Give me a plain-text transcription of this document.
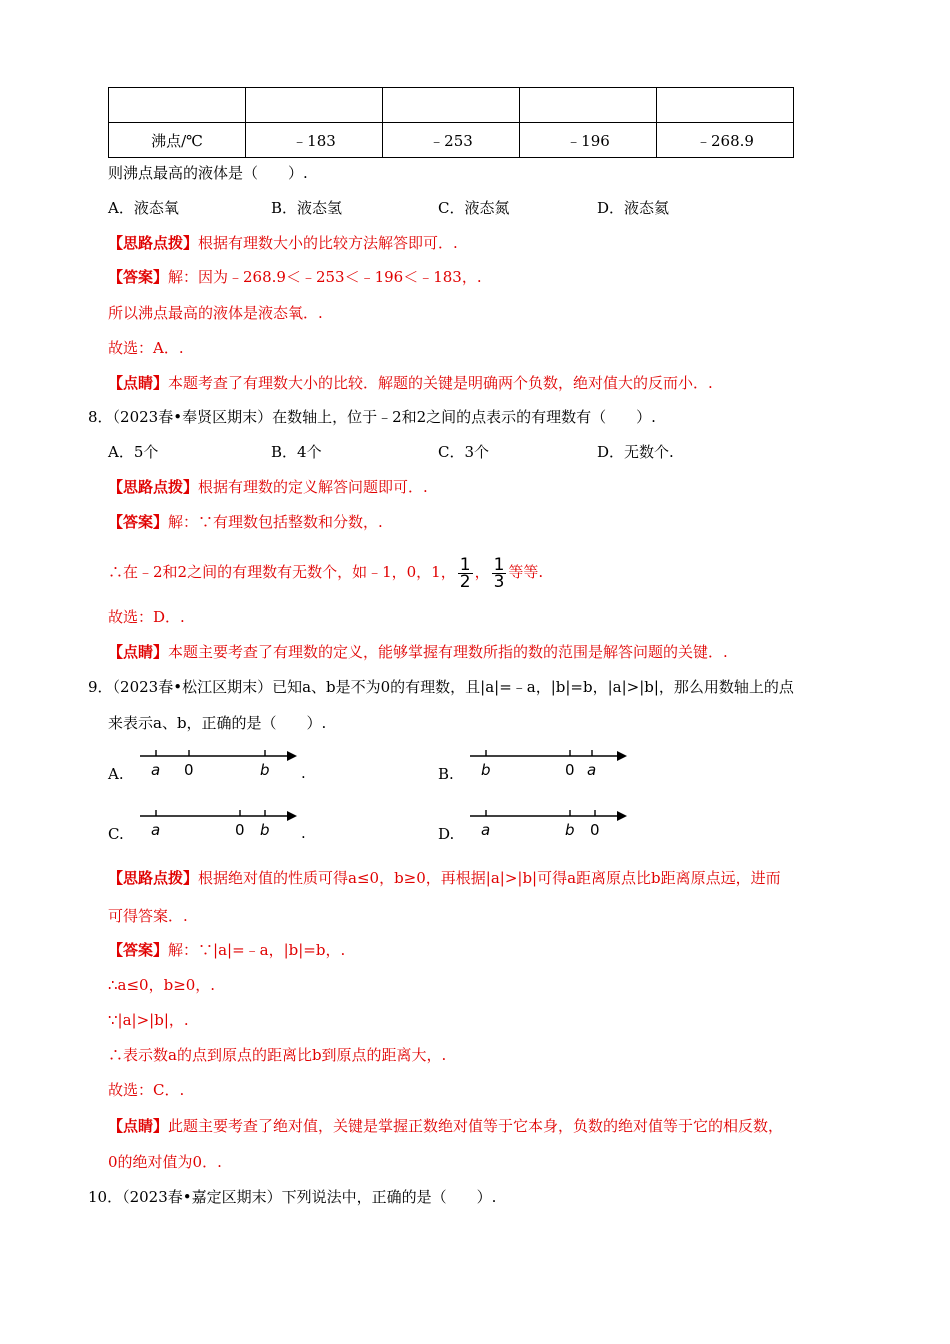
沸点/℃	﹣183	﹣253	﹣196	﹣268.9
则沸点最高的液体是（　　）.
A．液态氧	B．液态氢	C．液态氮	D．液态氦
【思路点拨】根据有理数大小的比较方法解答即可．.
【答案】解：因为﹣268.9＜﹣253＜﹣196＜﹣183，.
所以沸点最高的液体是液态氧．.
故选：A．.
【点睛】本题考查了有理数大小的比较．解题的关键是明确两个负数，绝对值大的反而小．.
8．（2023春•奉贤区期末）在数轴上，位于﹣2和2之间的点表示的有理数有（　　）.
A．5个	B．4个	C．3个	D．无数个.
【思路点拨】根据有理数的定义解答问题即可．.
【答案】解：∵有理数包括整数和分数，.
∴在﹣2和2之间的有理数有无数个，如﹣1，0，1， $\frac{1}{2}$ ， $\frac{1}{3}$ 等等.
故选：D．.
【点睛】本题主要考查了有理数的定义，能够掌握有理数所指的数的范围是解答问题的关键．.
9．（2023春•松江区期末）已知a、b是不为0的有理数，且|a|=﹣a，|b|=b，|a|>|b|，那么用数轴上的点
来表示a、b，正确的是（　　）.
A. a 0	b .	B. b	0 a
C. a	0 b .	D. a	b 0
【思路点拨】根据绝对值的性质可得a≤0，b≥0，再根据|a|>|b|可得a距离原点比b距离原点远，进而
可得答案．.
【答案】解：∵|a|=﹣a，|b|=b，.
∴a≤0，b≥0，.
∵|a|>|b|，.
∴表示数a的点到原点的距离比b到原点的距离大，.
故选：C．.
【点睛】此题主要考查了绝对值，关键是掌握正数绝对值等于它本身，负数的绝对值等于它的相反数，
0的绝对值为0．.
10．（2023春•嘉定区期末）下列说法中，正确的是（　　）.
